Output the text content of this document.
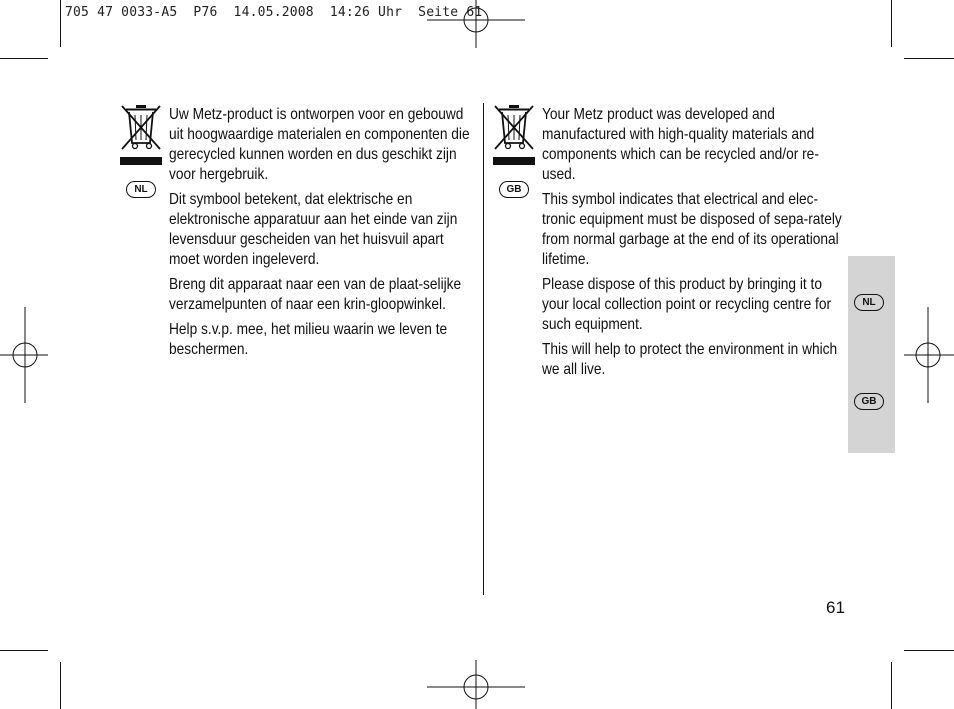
705 47 0033-A5  P76  14.05.2008  14:26 Uhr  Seite 61
NL

Uw Metz-product is ontworpen voor en gebouwd uit hoogwaardige materialen en componenten die gerecycled kunnen worden en dus geschikt zijn voor hergebruik.

Dit symbool betekent, dat elektrische en elektronische apparatuur aan het einde van zijn levensduur gescheiden van het huisvuil apart moet worden ingeleverd.

Breng dit apparaat naar een van de plaat-selijke verzamelpunten of naar een krin-gloopwinkel.

Help s.v.p. mee, het milieu waarin we leven te beschermen.

GB

Your Metz product was developed and manufactured with high-quality materials and components which can be recycled and/or re-used.

This symbol indicates that electrical and elec-tronic equipment must be disposed of sepa-rately from normal garbage at the end of its operational lifetime.

Please dispose of this product by bringing it to your local collection point or recycling centre for such equipment.

This will help to protect the environment in which we all live.

NL
GB
61
